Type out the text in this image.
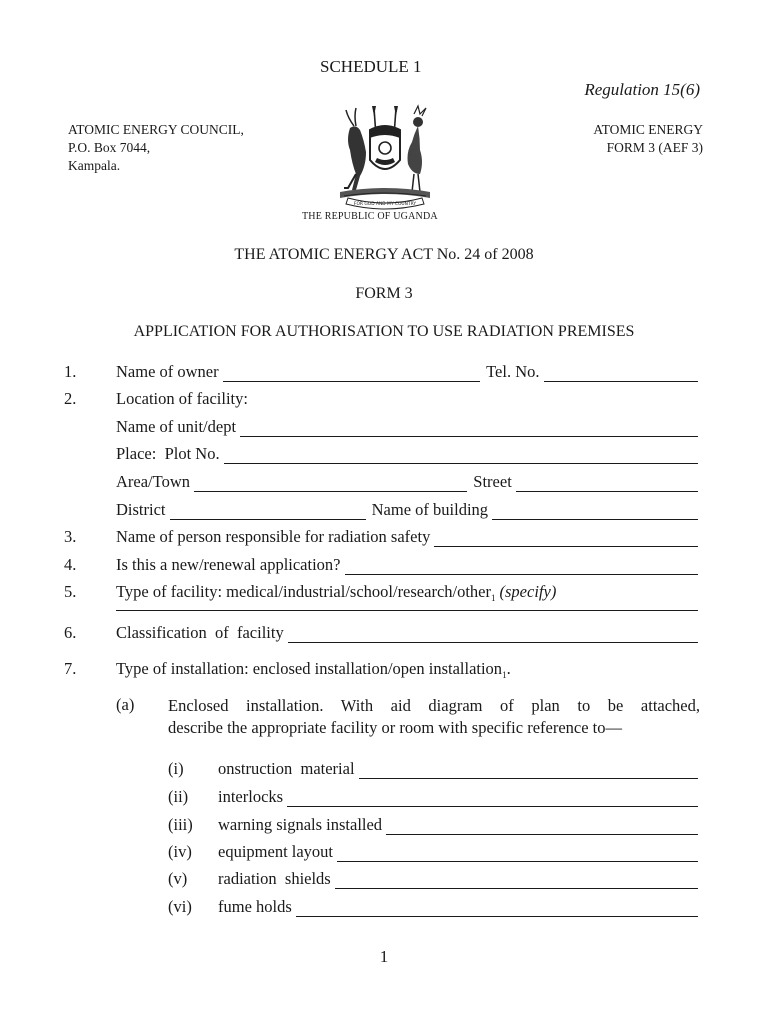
SCHEDULE 1
Regulation 15(6)
ATOMIC ENERGY COUNCIL,
P.O. Box 7044,
Kampala.
ATOMIC ENERGY
FORM 3 (AEF 3)
FOR GOD AND MY COUNTRY
THE REPUBLIC OF UGANDA
THE ATOMIC ENERGY ACT No. 24 of 2008
FORM 3
APPLICATION FOR AUTHORISATION TO USE RADIATION PREMISES
1. Name of owner	Tel. No.
2. Location of facility:
Name of unit/dept
Place:  Plot No.
Area/Town	Street
District	Name of building
3. Name of person responsible for radiation safety
4. Is this a new/renewal application?
5. Type of facility: medical/industrial/school/research/other 1 (specify)
6. Classification  of  facility
7. Type of installation: enclosed installation/open installation 1 .
(a) Enclosed installation. With aid diagram of plan to be attached,
describe the appropriate facility or room with specific reference to—
(i)	onstruction  material
(ii)	interlocks
(iii)	warning signals installed
(iv)	equipment layout
(v)	radiation  shields
(vi)	fume holds
1
